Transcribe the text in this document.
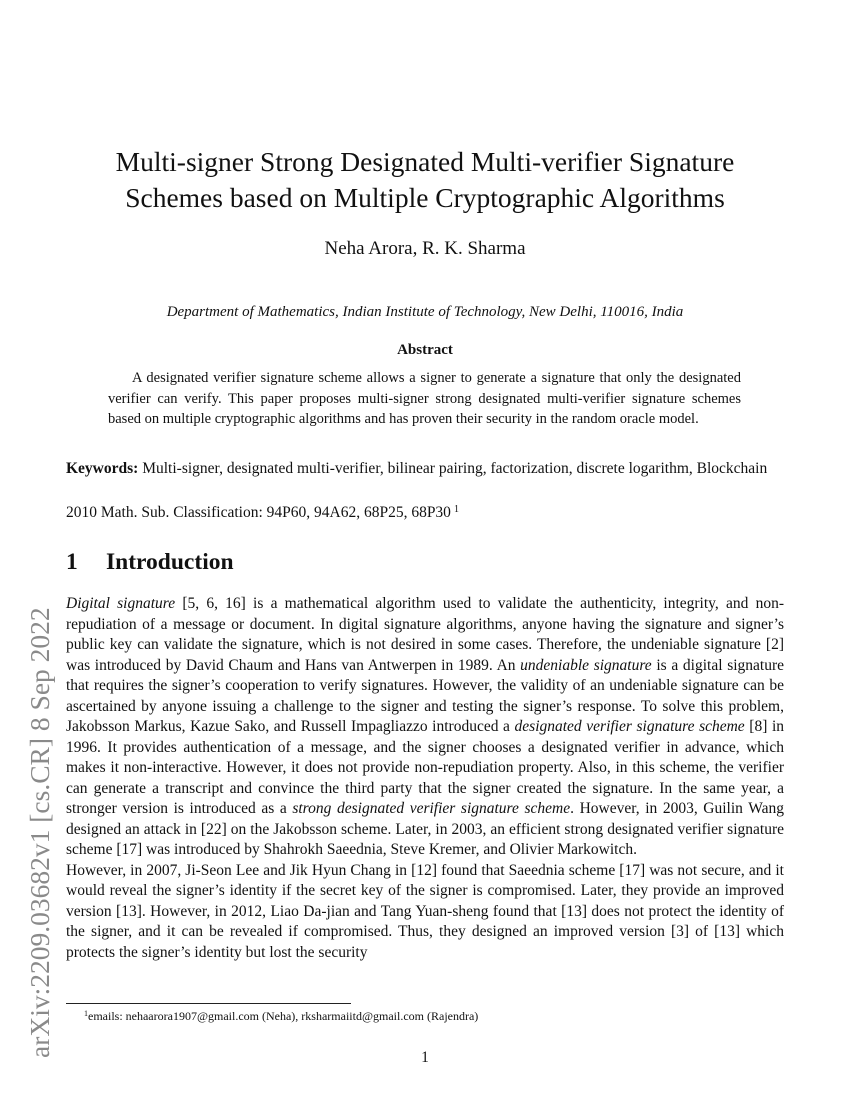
arXiv:2209.03682v1 [cs.CR] 8 Sep 2022
Multi-signer Strong Designated Multi-verifier Signature
Schemes based on Multiple Cryptographic Algorithms
Neha Arora, R. K. Sharma
Department of Mathematics, Indian Institute of Technology, New Delhi, 110016, India
Abstract

A designated verifier signature scheme allows a signer to generate a signature that only the designated verifier can verify. This paper proposes multi-signer strong designated multi-verifier signature schemes based on multiple cryptographic algorithms and has proven their security in the random oracle model.

Keywords: Multi-signer, designated multi-verifier, bilinear pairing, factorization, discrete logarithm, Blockchain

2010 Math. Sub. Classification: 94P60, 94A62, 68P25, 68P30 $^1$
1 Introduction

Digital signature [5, 6, 16] is a mathematical algorithm used to validate the authenticity, integrity, and non-repudiation of a message or document. In digital signature algorithms, anyone having the signature and signer’s public key can validate the signature, which is not desired in some cases. Therefore, the undeniable signature [2] was introduced by David Chaum and Hans van Antwerpen in 1989. An undeniable signature is a digital signature that requires the signer’s cooperation to verify signatures. However, the validity of an undeniable signature can be ascertained by anyone issuing a challenge to the signer and testing the signer’s response. To solve this problem, Jakobsson Markus, Kazue Sako, and Russell Impagliazzo introduced a designated verifier signature scheme [8] in 1996. It provides authentication of a message, and the signer chooses a designated verifier in advance, which makes it non-interactive. However, it does not provide non-repudiation property. Also, in this scheme, the verifier can generate a transcript and convince the third party that the signer created the signature. In the same year, a stronger version is introduced as a strong designated verifier signature scheme. However, in 2003, Guilin Wang designed an attack in [22] on the Jakobsson scheme. Later, in 2003, an efficient strong designated verifier signature scheme [17] was introduced by Shahrokh Saeednia, Steve Kremer, and Olivier Markowitch.

However, in 2007, Ji-Seon Lee and Jik Hyun Chang in [12] found that Saeednia scheme [17] was not secure, and it would reveal the signer’s identity if the secret key of the signer is compromised. Later, they provide an improved version [13]. However, in 2012, Liao Da-jian and Tang Yuan-sheng found that [13] does not protect the identity of the signer, and it can be revealed if compromised. Thus, they designed an improved version [3] of [13] which protects the signer’s identity but lost the security

$^1$emails: nehaarora1907@gmail.com (Neha), rksharmaiitd@gmail.com (Rajendra)
1
